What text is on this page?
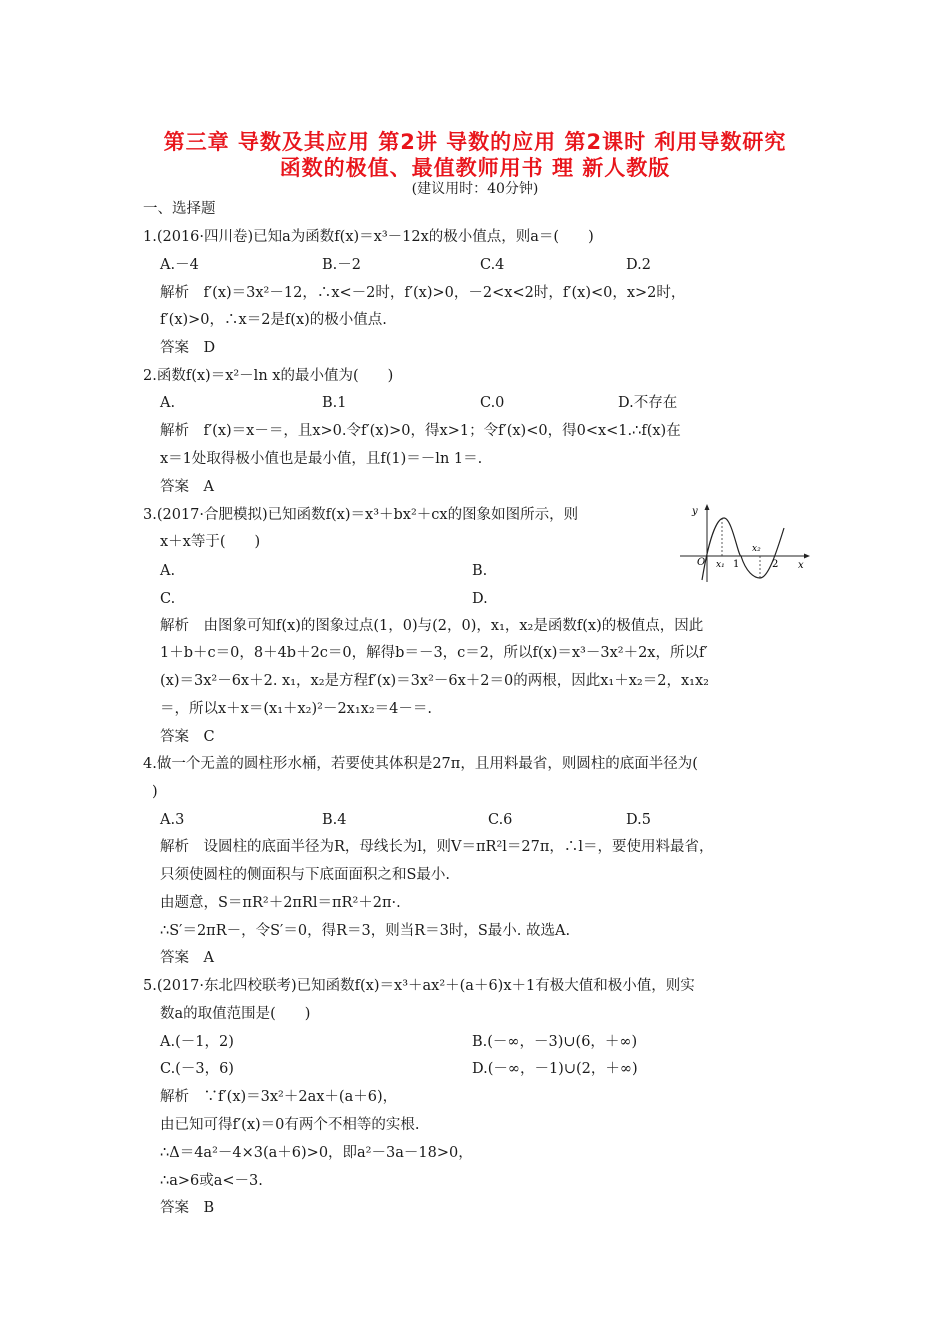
第三章 导数及其应用 第2讲 导数的应用 第2课时 利用导数研究
函数的极值、最值教师用书 理 新人教版
(建议用时：40分钟)
一、选择题
1.(2016·四川卷)已知a为函数f(x)＝x³－12x的极小值点，则a＝(　　)
A.－4	B.－2	C.4	D.2
解析　f′(x)＝3x²－12，∴x<－2时，f′(x)>0，－2<x<2时，f′(x)<0，x>2时，
f′(x)>0，∴x＝2是f(x)的极小值点.
答案　D
2.函数f(x)＝x²－ln x的最小值为(　　)
A.	B.1	C.0	D.不存在
解析　f′(x)＝x－＝，且x>0.令f′(x)>0，得x>1；令f′(x)<0，得0<x<1.∴f(x)在
x＝1处取得极小值也是最小值，且f(1)＝－ln 1＝.
答案　A
3.(2017·合肥模拟)已知函数f(x)＝x³＋bx²＋cx的图象如图所示，则
x＋x等于(　　)
y
O x₁ 1
x₂
2 x
A.	B.
C.	D.
解析　由图象可知f(x)的图象过点(1，0)与(2，0)，x₁，x₂是函数f(x)的极值点，因此
1＋b＋c＝0，8＋4b＋2c＝0，解得b＝－3，c＝2，所以f(x)＝x³－3x²＋2x，所以f′
(x)＝3x²－6x＋2. x₁，x₂是方程f′(x)＝3x²－6x＋2＝0的两根，因此x₁＋x₂＝2，x₁x₂
＝，所以x＋x＝(x₁＋x₂)²－2x₁x₂＝4－＝.
答案　C
4.做一个无盖的圆柱形水桶，若要使其体积是27π，且用料最省，则圆柱的底面半径为(
)
A.3	B.4	C.6	D.5
解析　设圆柱的底面半径为R，母线长为l，则V＝πR²l＝27π，∴l＝，要使用料最省，
只须使圆柱的侧面积与下底面面积之和S最小.
由题意，S＝πR²＋2πRl＝πR²＋2π·.
∴S′＝2πR－，令S′＝0，得R＝3，则当R＝3时，S最小. 故选A.
答案　A
5.(2017·东北四校联考)已知函数f(x)＝x³＋ax²＋(a＋6)x＋1有极大值和极小值，则实
数a的取值范围是(　　)
A.(－1，2)	B.(－∞，－3)∪(6，＋∞)
C.(－3，6)	D.(－∞，－1)∪(2，＋∞)
解析　∵f′(x)＝3x²＋2ax＋(a＋6)，
由已知可得f′(x)＝0有两个不相等的实根.
∴Δ＝4a²－4×3(a＋6)>0，即a²－3a－18>0，
∴a>6或a<－3.
答案　B
